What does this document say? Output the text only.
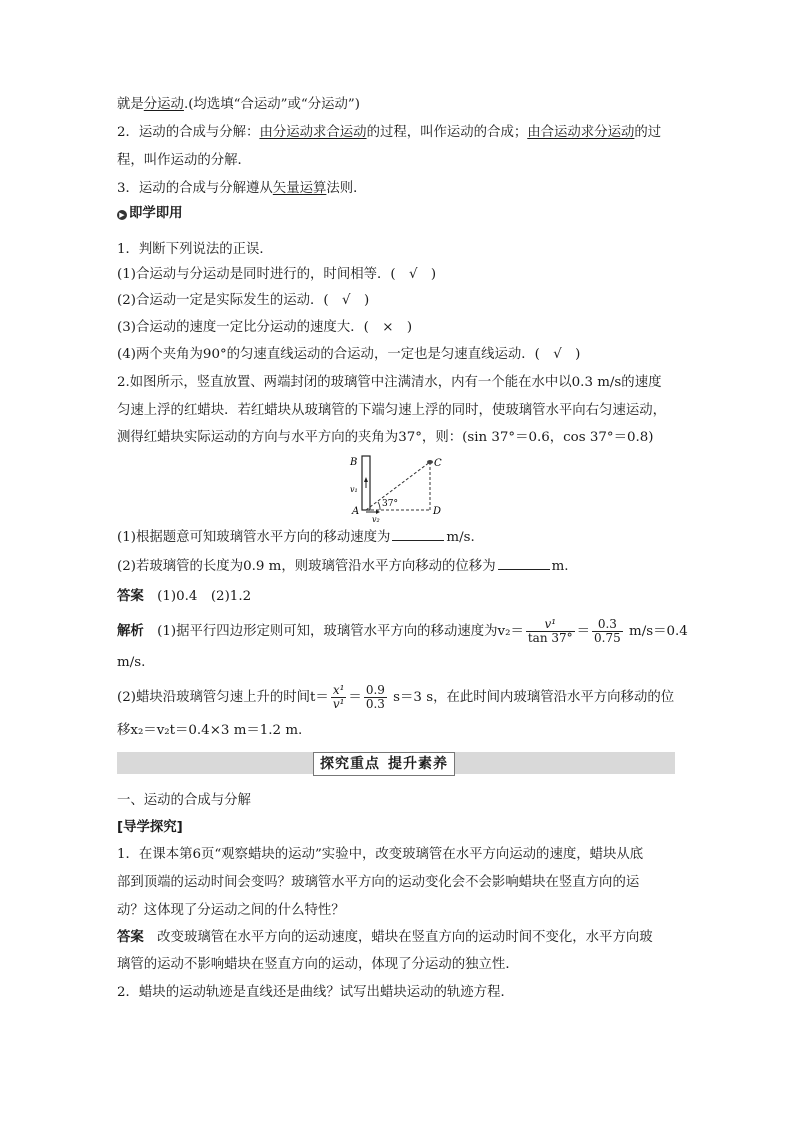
就是分运动.(均选填“合运动”或“分运动”)
2．运动的合成与分解：由分运动求合运动的过程，叫作运动的合成；由合运动求分运动的过
程，叫作运动的分解．
3．运动的合成与分解遵从矢量运算法则．
▶ 即学即用
1．判断下列说法的正误．
(1)合运动与分运动是同时进行的，时间相等．(　√　)
(2)合运动一定是实际发生的运动．(　√　)
(3)合运动的速度一定比分运动的速度大．(　×　)
(4)两个夹角为90°的匀速直线运动的合运动，一定也是匀速直线运动．(　√　)
2.如图所示，竖直放置、两端封闭的玻璃管中注满清水，内有一个能在水中以0.3 m/s的速度
匀速上浮的红蜡块．若红蜡块从玻璃管的下端匀速上浮的同时，使玻璃管水平向右匀速运动，
测得红蜡块实际运动的方向与水平方向的夹角为37°，则：(sin 37°＝0.6，cos 37°＝0.8)
B	C
A	D
v₁
v₂
37°
(1)根据题意可知玻璃管水平方向的移动速度为	m/s.
(2)若玻璃管的长度为0.9 m，则玻璃管沿水平方向移动的位移为	m.
答案　 (1)0.4　(2)1.2
解析　 (1)据平行四边形定则可知，玻璃管水平方向的移动速度为$v_2= \frac{\text{v¹}}{\tan 37^\circ} = \frac{0.3}{0.75} m/s=0.4$
m/s.
(2)蜡块沿玻璃管匀速上升的时间$t= \frac{\text{x¹}}{\text{v¹}} = \frac{0.9}{0.3} s=3$ s，在此时间内玻璃管沿水平方向移动的位
移x₂＝v₂t＝0.4×3 m＝1.2 m.
探究重点 提升素养
一、运动的合成与分解
[导学探究]
1．在课本第6页“观察蜡块的运动”实验中，改变玻璃管在水平方向运动的速度，蜡块从底
部到顶端的运动时间会变吗？玻璃管水平方向的运动变化会不会影响蜡块在竖直方向的运
动？这体现了分运动之间的什么特性？
答案　 改变玻璃管在水平方向的运动速度，蜡块在竖直方向的运动时间不变化，水平方向玻
璃管的运动不影响蜡块在竖直方向的运动，体现了分运动的独立性．
2．蜡块的运动轨迹是直线还是曲线？试写出蜡块运动的轨迹方程．
